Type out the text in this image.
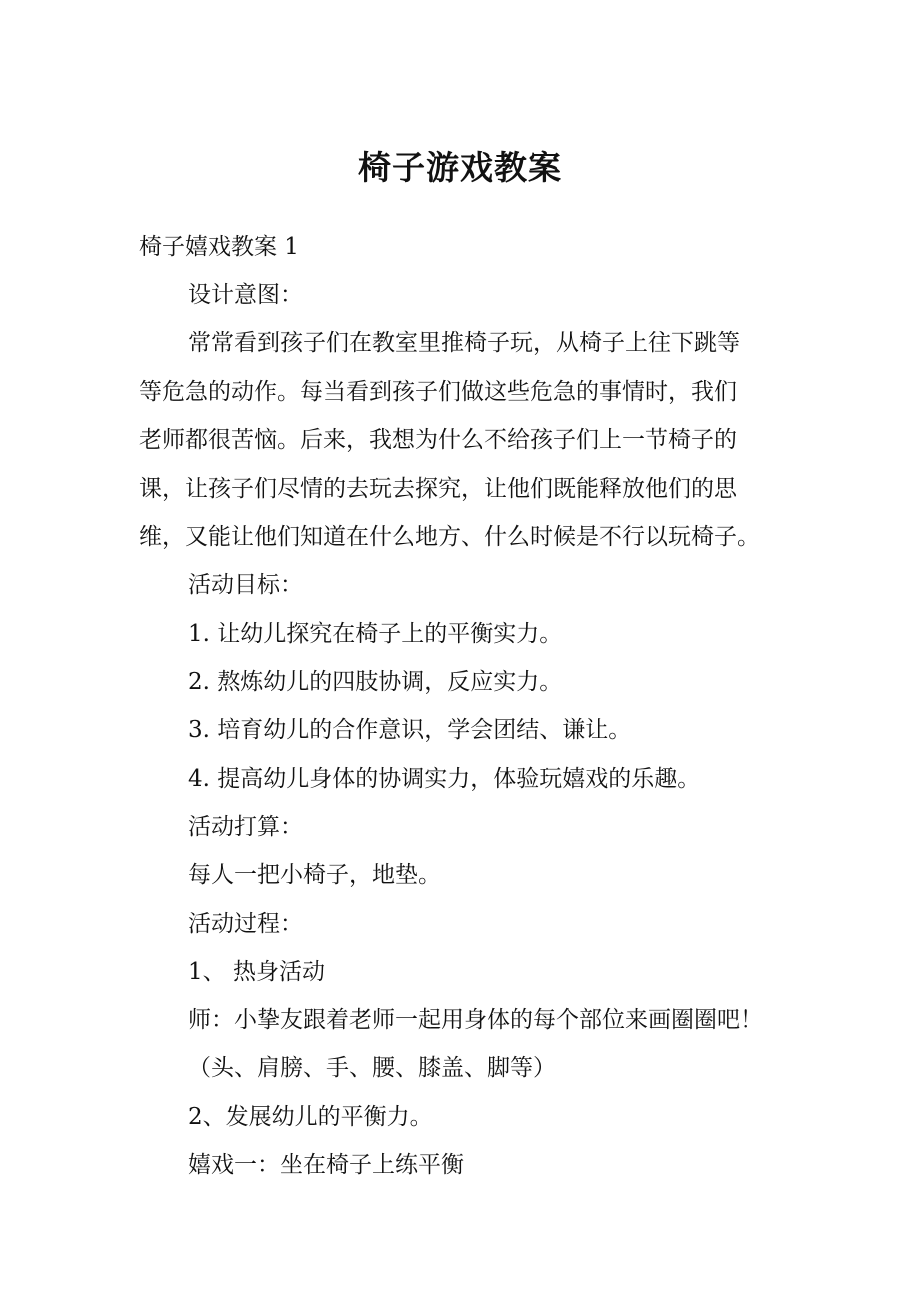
椅子游戏教案
椅子嬉戏教案 1
设计意图：
常常看到孩子们在教室里推椅子玩，从椅子上往下跳等
等危急的动作。每当看到孩子们做这些危急的事情时，我们
老师都很苦恼。后来，我想为什么不给孩子们上一节椅子的
课，让孩子们尽情的去玩去探究，让他们既能释放他们的思
维，又能让他们知道在什么地方、什么时候是不行以玩椅子。
活动目标：
1. 让幼儿探究在椅子上的平衡实力。
2. 熬炼幼儿的四肢协调，反应实力。
3. 培育幼儿的合作意识，学会团结、谦让。
4. 提高幼儿身体的协调实力，体验玩嬉戏的乐趣。
活动打算：
每人一把小椅子，地垫。
活动过程：
1、 热身活动
师：小挚友跟着老师一起用身体的每个部位来画圈圈吧！
（头、肩膀、手、腰、膝盖、脚等）
2、发展幼儿的平衡力。
嬉戏一：坐在椅子上练平衡
